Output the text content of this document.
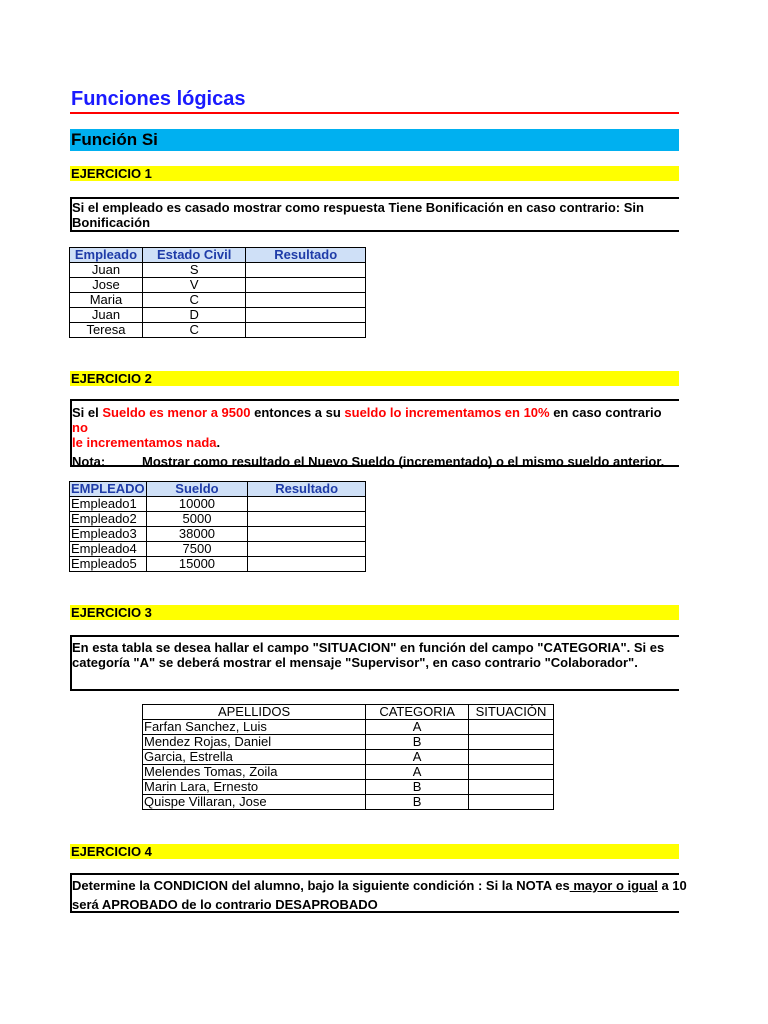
Funciones lógicas
Función Si
EJERCICIO 1
Si el empleado es casado mostrar como respuesta Tiene Bonificación en caso contrario: Sin Bonificación
Empleado	Estado Civil	Resultado
Juan	S	
Jose	V	
Maria	C	
Juan	D	
Teresa	C	
EJERCICIO 2
Si el Sueldo es menor a 9500 entonces a su sueldo lo incrementamos en 10% en caso contrario no
le incrementamos nada.
Nota:	Mostrar como resultado el Nuevo Sueldo (incrementado) o el mismo sueldo anterior.
EMPLEADO	Sueldo	Resultado
Empleado1	10000	
Empleado2	5000	
Empleado3	38000	
Empleado4	7500	
Empleado5	15000	
EJERCICIO 3
En esta tabla se desea hallar el campo "SITUACION" en función del campo "CATEGORIA". Si es categoría "A" se deberá mostrar el mensaje "Supervisor", en caso contrario "Colaborador".
APELLIDOS	CATEGORIA	SITUACIÓN
Farfan Sanchez, Luis	A	
Mendez Rojas, Daniel	B	
Garcia, Estrella	A	
Melendes Tomas, Zoila	A	
Marin Lara, Ernesto	B	
Quispe Villaran, Jose	B	
EJERCICIO 4
Determine la CONDICION del alumno, bajo la siguiente condición : Si la NOTA es mayor o igual a 10
será APROBADO de lo contrario DESAPROBADO
